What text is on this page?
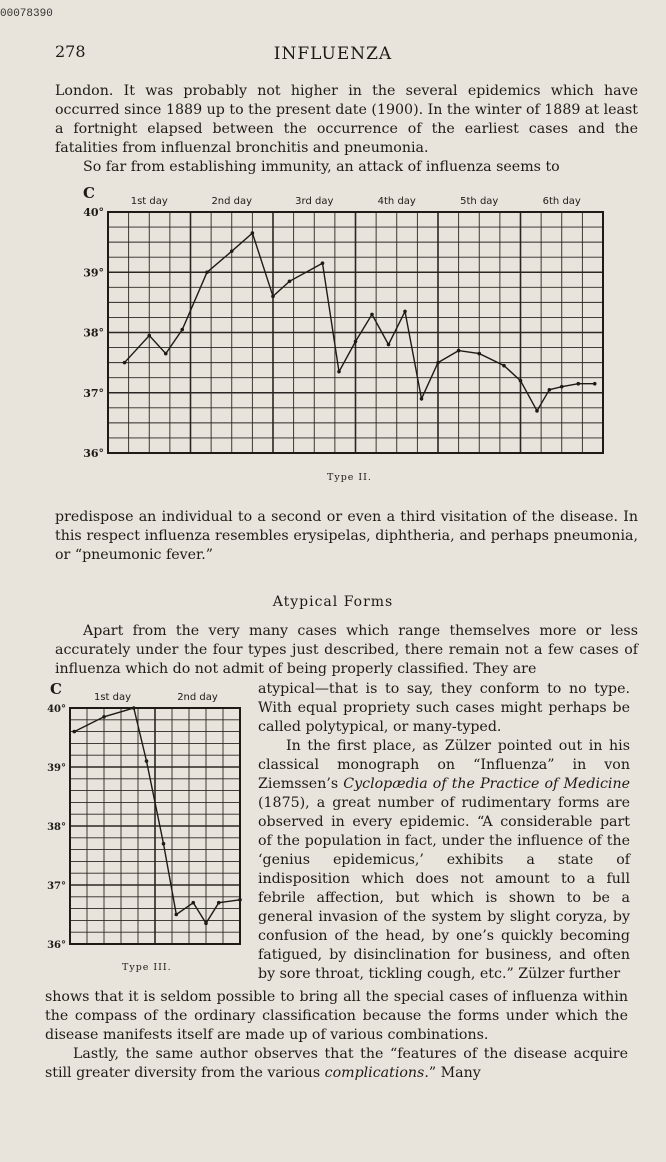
00078390
278	INFLUENZA

London. It was probably not higher in the several epidemics which have occurred since 1889 up to the present date (1900). In the winter of 1889 at least a fortnight elapsed between the occurrence of the earliest cases and the fatalities from influenzal bronchitis and pneumonia.

So far from establishing immunity, an attack of influenza seems to

C
40°
39°
38°
37°
36°
1st day	2nd day	3rd day	4th day	5th day	6th day
Type II.

predispose an individual to a second or even a third visitation of the disease. In this respect influenza resembles erysipelas, diphtheria, and perhaps pneumonia, or “pneumonic fever.”

Atypical Forms

Apart from the very many cases which range themselves more or less accurately under the four types just described, there remain not a few cases of influenza which do not admit of being properly classified. They are

C
40°
39°
38°
37°
36°
1st day	2nd day
Type III.

atypical—that is to say, they conform to no type. With equal propriety such cases might perhaps be called polytypical, or many-typed.

In the first place, as Zülzer pointed out in his classical monograph on “Influenza” in von Ziemssen’s Cyclopædia of the Practice of Medicine (1875), a great number of rudimentary forms are observed in every epidemic. “A considerable part of the population in fact, under the influence of the ‘genius epidemicus,’ exhibits a state of indisposition which does not amount to a full febrile affection, but which is shown to be a general invasion of the system by slight coryza, by confusion of the head, by one’s quickly becoming fatigued, by disinclination for business, and often by sore throat, tickling cough, etc.” Zülzer further

shows that it is seldom possible to bring all the special cases of influenza within the compass of the ordinary classification because the forms under which the disease manifests itself are made up of various combinations.

Lastly, the same author observes that the “features of the disease acquire still greater diversity from the various complications.” Many
